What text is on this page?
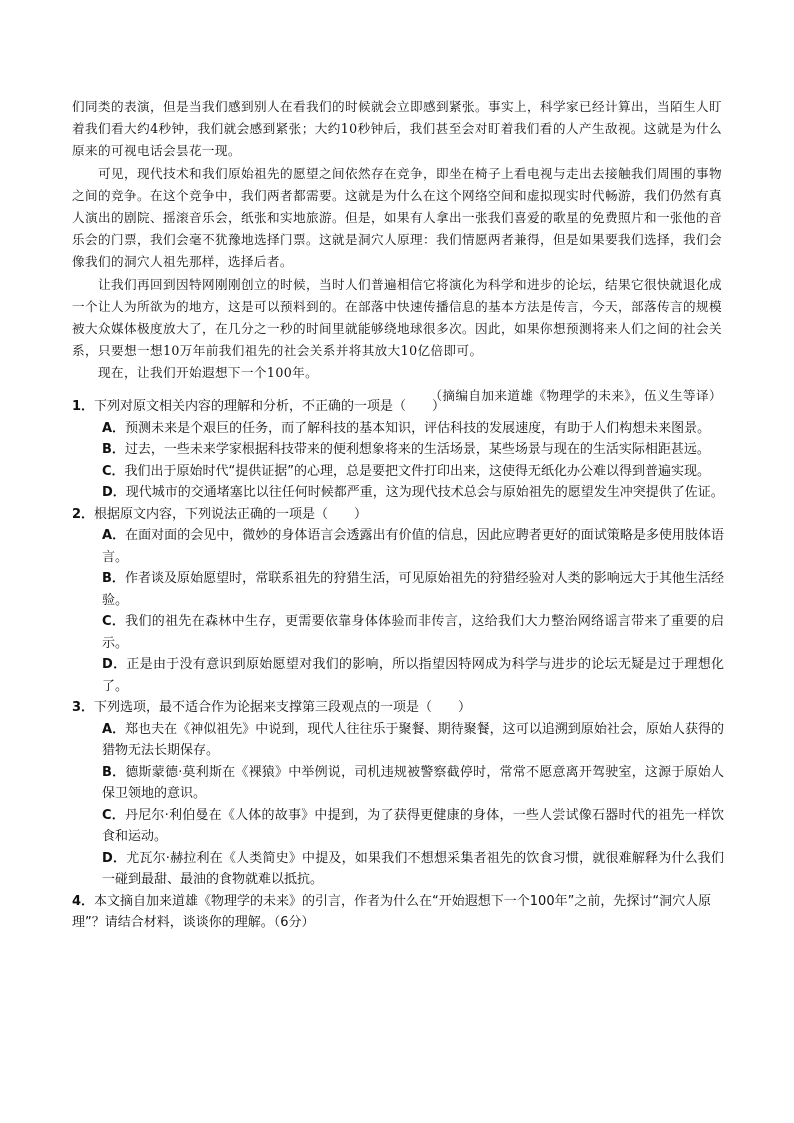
们同类的表演，但是当我们感到别人在看我们的时候就会立即感到紧张。事实上，科学家已经计算出，当陌生人盯着我们看大约4秒钟，我们就会感到紧张；大约10秒钟后，我们甚至会对盯着我们看的人产生敌视。这就是为什么原来的可视电话会昙花一现。

可见，现代技术和我们原始祖先的愿望之间依然存在竞争，即坐在椅子上看电视与走出去接触我们周围的事物之间的竞争。在这个竞争中，我们两者都需要。这就是为什么在这个网络空间和虚拟现实时代畅游，我们仍然有真人演出的剧院、摇滚音乐会，纸张和实地旅游。但是，如果有人拿出一张我们喜爱的歌星的免费照片和一张他的音乐会的门票，我们会毫不犹豫地选择门票。这就是洞穴人原理：我们情愿两者兼得，但是如果要我们选择，我们会像我们的洞穴人祖先那样，选择后者。

让我们再回到因特网刚刚创立的时候，当时人们普遍相信它将演化为科学和进步的论坛，结果它很快就退化成一个让人为所欲为的地方，这是可以预料到的。在部落中快速传播信息的基本方法是传言，今天，部落传言的规模被大众媒体极度放大了，在几分之一秒的时间里就能够绕地球很多次。因此，如果你想预测将来人们之间的社会关系，只要想一想10万年前我们祖先的社会关系并将其放大10亿倍即可。

现在，让我们开始遐想下一个100年。

（摘编自加来道雄《物理学的未来》，伍义生等译）

1．下列对原文相关内容的理解和分析，不正确的一项是（　　）

A．预测未来是个艰巨的任务，而了解科技的基本知识，评估科技的发展速度，有助于人们构想未来图景。

B．过去，一些未来学家根据科技带来的便利想象将来的生活场景，某些场景与现在的生活实际相距甚远。

C．我们出于原始时代“提供证据”的心理，总是要把文件打印出来，这使得无纸化办公难以得到普遍实现。

D．现代城市的交通堵塞比以往任何时候都严重，这为现代技术总会与原始祖先的愿望发生冲突提供了佐证。

2．根据原文内容，下列说法正确的一项是（　　）

A．在面对面的会见中，微妙的身体语言会透露出有价值的信息，因此应聘者更好的面试策略是多使用肢体语言。

B．作者谈及原始愿望时，常联系祖先的狩猎生活，可见原始祖先的狩猎经验对人类的影响远大于其他生活经验。

C．我们的祖先在森林中生存，更需要依靠身体体验而非传言，这给我们大力整治网络谣言带来了重要的启示。

D．正是由于没有意识到原始愿望对我们的影响，所以指望因特网成为科学与进步的论坛无疑是过于理想化了。

3．下列选项，最不适合作为论据来支撑第三段观点的一项是（　　）

A．郑也夫在《神似祖先》中说到，现代人往往乐于聚餐、期待聚餐，这可以追溯到原始社会，原始人获得的猎物无法长期保存。

B．德斯蒙德·莫利斯在《裸猿》中举例说，司机违规被警察截停时，常常不愿意离开驾驶室，这源于原始人保卫领地的意识。

C．丹尼尔·利伯曼在《人体的故事》中提到，为了获得更健康的身体，一些人尝试像石器时代的祖先一样饮食和运动。

D．尤瓦尔·赫拉利在《人类简史》中提及，如果我们不想想采集者祖先的饮食习惯，就很难解释为什么我们一碰到最甜、最油的食物就难以抵抗。

4．本文摘自加来道雄《物理学的未来》的引言，作者为什么在“开始遐想下一个100年”之前，先探讨“洞穴人原理”？请结合材料，谈谈你的理解。（6分）
